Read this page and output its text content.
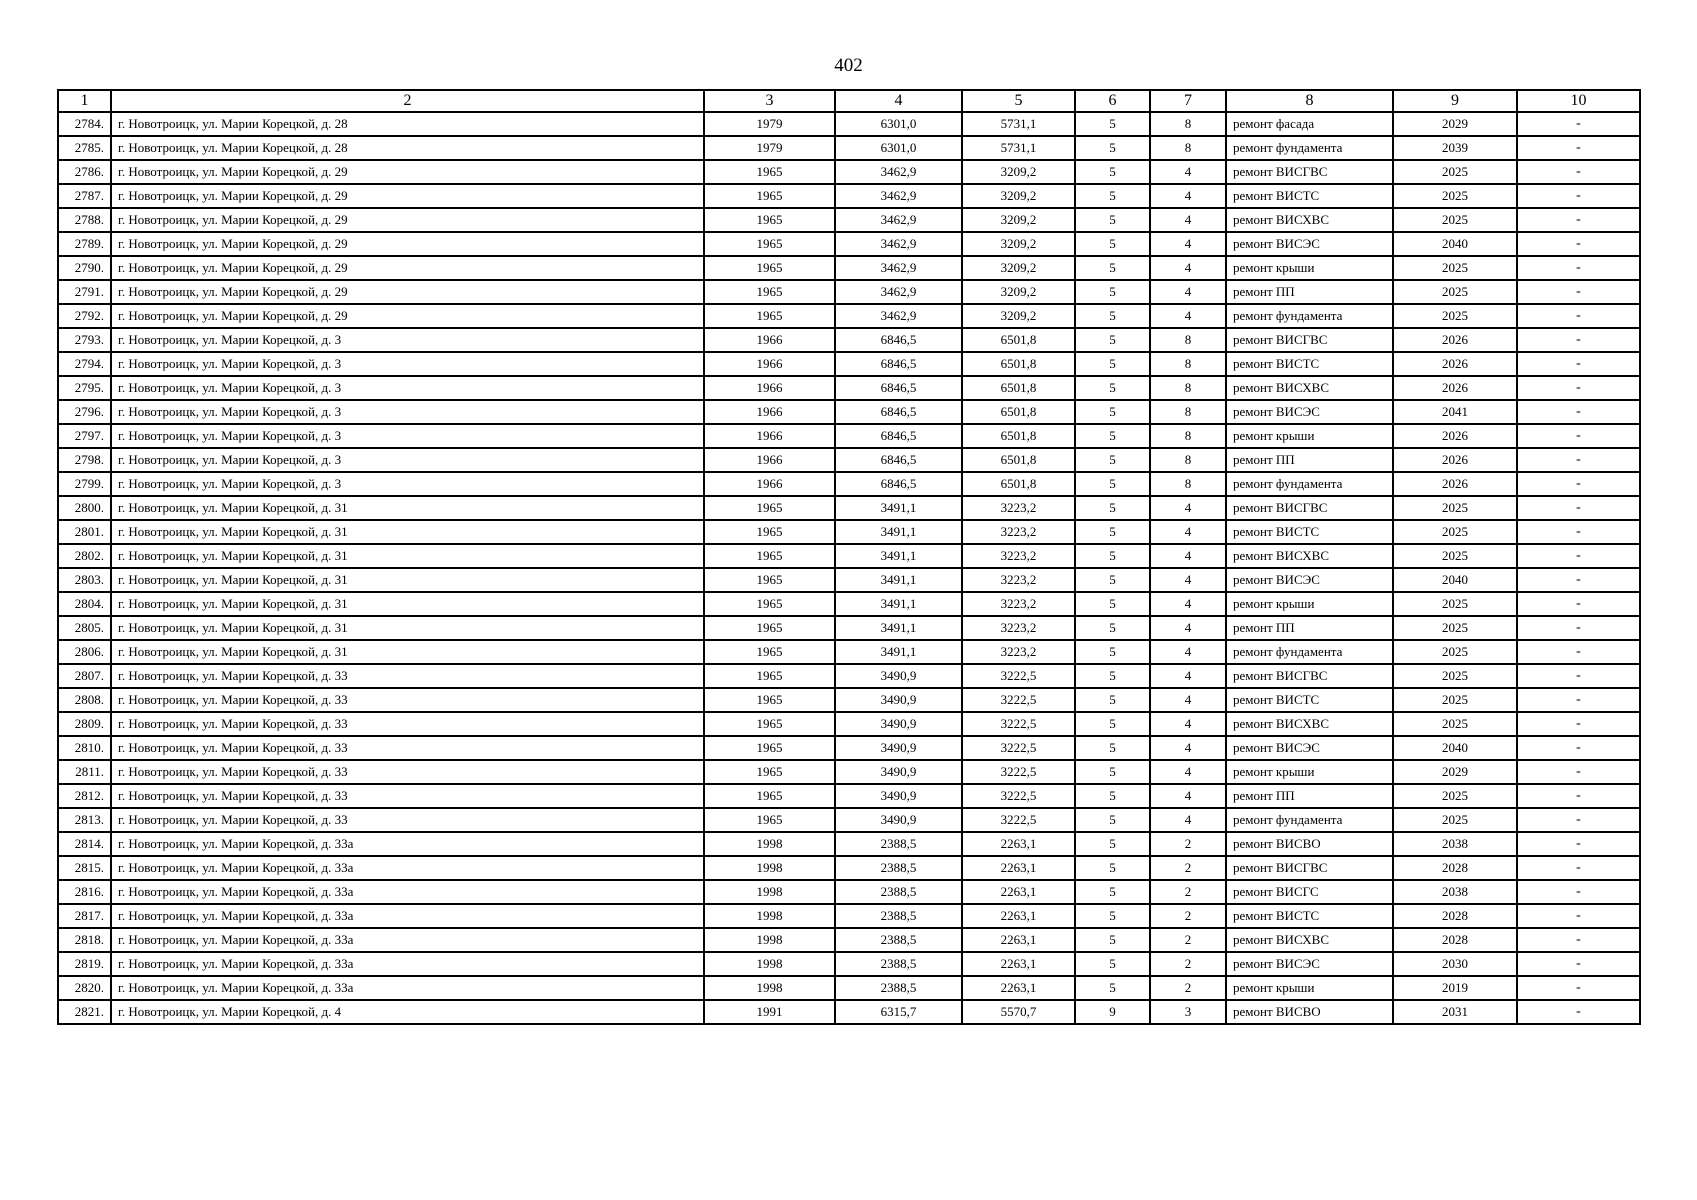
402
1	2	3	4	5	6	7	8	9	10
2784.	г. Новотроицк, ул. Марии Корецкой, д. 28	1979	6301,0	5731,1	5	8	ремонт фасада	2029	-
2785.	г. Новотроицк, ул. Марии Корецкой, д. 28	1979	6301,0	5731,1	5	8	ремонт фундамента	2039	-
2786.	г. Новотроицк, ул. Марии Корецкой, д. 29	1965	3462,9	3209,2	5	4	ремонт ВИСГВС	2025	-
2787.	г. Новотроицк, ул. Марии Корецкой, д. 29	1965	3462,9	3209,2	5	4	ремонт ВИСТС	2025	-
2788.	г. Новотроицк, ул. Марии Корецкой, д. 29	1965	3462,9	3209,2	5	4	ремонт ВИСХВС	2025	-
2789.	г. Новотроицк, ул. Марии Корецкой, д. 29	1965	3462,9	3209,2	5	4	ремонт ВИСЭС	2040	-
2790.	г. Новотроицк, ул. Марии Корецкой, д. 29	1965	3462,9	3209,2	5	4	ремонт крыши	2025	-
2791.	г. Новотроицк, ул. Марии Корецкой, д. 29	1965	3462,9	3209,2	5	4	ремонт ПП	2025	-
2792.	г. Новотроицк, ул. Марии Корецкой, д. 29	1965	3462,9	3209,2	5	4	ремонт фундамента	2025	-
2793.	г. Новотроицк, ул. Марии Корецкой, д. 3	1966	6846,5	6501,8	5	8	ремонт ВИСГВС	2026	-
2794.	г. Новотроицк, ул. Марии Корецкой, д. 3	1966	6846,5	6501,8	5	8	ремонт ВИСТС	2026	-
2795.	г. Новотроицк, ул. Марии Корецкой, д. 3	1966	6846,5	6501,8	5	8	ремонт ВИСХВС	2026	-
2796.	г. Новотроицк, ул. Марии Корецкой, д. 3	1966	6846,5	6501,8	5	8	ремонт ВИСЭС	2041	-
2797.	г. Новотроицк, ул. Марии Корецкой, д. 3	1966	6846,5	6501,8	5	8	ремонт крыши	2026	-
2798.	г. Новотроицк, ул. Марии Корецкой, д. 3	1966	6846,5	6501,8	5	8	ремонт ПП	2026	-
2799.	г. Новотроицк, ул. Марии Корецкой, д. 3	1966	6846,5	6501,8	5	8	ремонт фундамента	2026	-
2800.	г. Новотроицк, ул. Марии Корецкой, д. 31	1965	3491,1	3223,2	5	4	ремонт ВИСГВС	2025	-
2801.	г. Новотроицк, ул. Марии Корецкой, д. 31	1965	3491,1	3223,2	5	4	ремонт ВИСТС	2025	-
2802.	г. Новотроицк, ул. Марии Корецкой, д. 31	1965	3491,1	3223,2	5	4	ремонт ВИСХВС	2025	-
2803.	г. Новотроицк, ул. Марии Корецкой, д. 31	1965	3491,1	3223,2	5	4	ремонт ВИСЭС	2040	-
2804.	г. Новотроицк, ул. Марии Корецкой, д. 31	1965	3491,1	3223,2	5	4	ремонт крыши	2025	-
2805.	г. Новотроицк, ул. Марии Корецкой, д. 31	1965	3491,1	3223,2	5	4	ремонт ПП	2025	-
2806.	г. Новотроицк, ул. Марии Корецкой, д. 31	1965	3491,1	3223,2	5	4	ремонт фундамента	2025	-
2807.	г. Новотроицк, ул. Марии Корецкой, д. 33	1965	3490,9	3222,5	5	4	ремонт ВИСГВС	2025	-
2808.	г. Новотроицк, ул. Марии Корецкой, д. 33	1965	3490,9	3222,5	5	4	ремонт ВИСТС	2025	-
2809.	г. Новотроицк, ул. Марии Корецкой, д. 33	1965	3490,9	3222,5	5	4	ремонт ВИСХВС	2025	-
2810.	г. Новотроицк, ул. Марии Корецкой, д. 33	1965	3490,9	3222,5	5	4	ремонт ВИСЭС	2040	-
2811.	г. Новотроицк, ул. Марии Корецкой, д. 33	1965	3490,9	3222,5	5	4	ремонт крыши	2029	-
2812.	г. Новотроицк, ул. Марии Корецкой, д. 33	1965	3490,9	3222,5	5	4	ремонт ПП	2025	-
2813.	г. Новотроицк, ул. Марии Корецкой, д. 33	1965	3490,9	3222,5	5	4	ремонт фундамента	2025	-
2814.	г. Новотроицк, ул. Марии Корецкой, д. 33а	1998	2388,5	2263,1	5	2	ремонт ВИСВО	2038	-
2815.	г. Новотроицк, ул. Марии Корецкой, д. 33а	1998	2388,5	2263,1	5	2	ремонт ВИСГВС	2028	-
2816.	г. Новотроицк, ул. Марии Корецкой, д. 33а	1998	2388,5	2263,1	5	2	ремонт ВИСГС	2038	-
2817.	г. Новотроицк, ул. Марии Корецкой, д. 33а	1998	2388,5	2263,1	5	2	ремонт ВИСТС	2028	-
2818.	г. Новотроицк, ул. Марии Корецкой, д. 33а	1998	2388,5	2263,1	5	2	ремонт ВИСХВС	2028	-
2819.	г. Новотроицк, ул. Марии Корецкой, д. 33а	1998	2388,5	2263,1	5	2	ремонт ВИСЭС	2030	-
2820.	г. Новотроицк, ул. Марии Корецкой, д. 33а	1998	2388,5	2263,1	5	2	ремонт крыши	2019	-
2821.	г. Новотроицк, ул. Марии Корецкой, д. 4	1991	6315,7	5570,7	9	3	ремонт ВИСВО	2031	-
